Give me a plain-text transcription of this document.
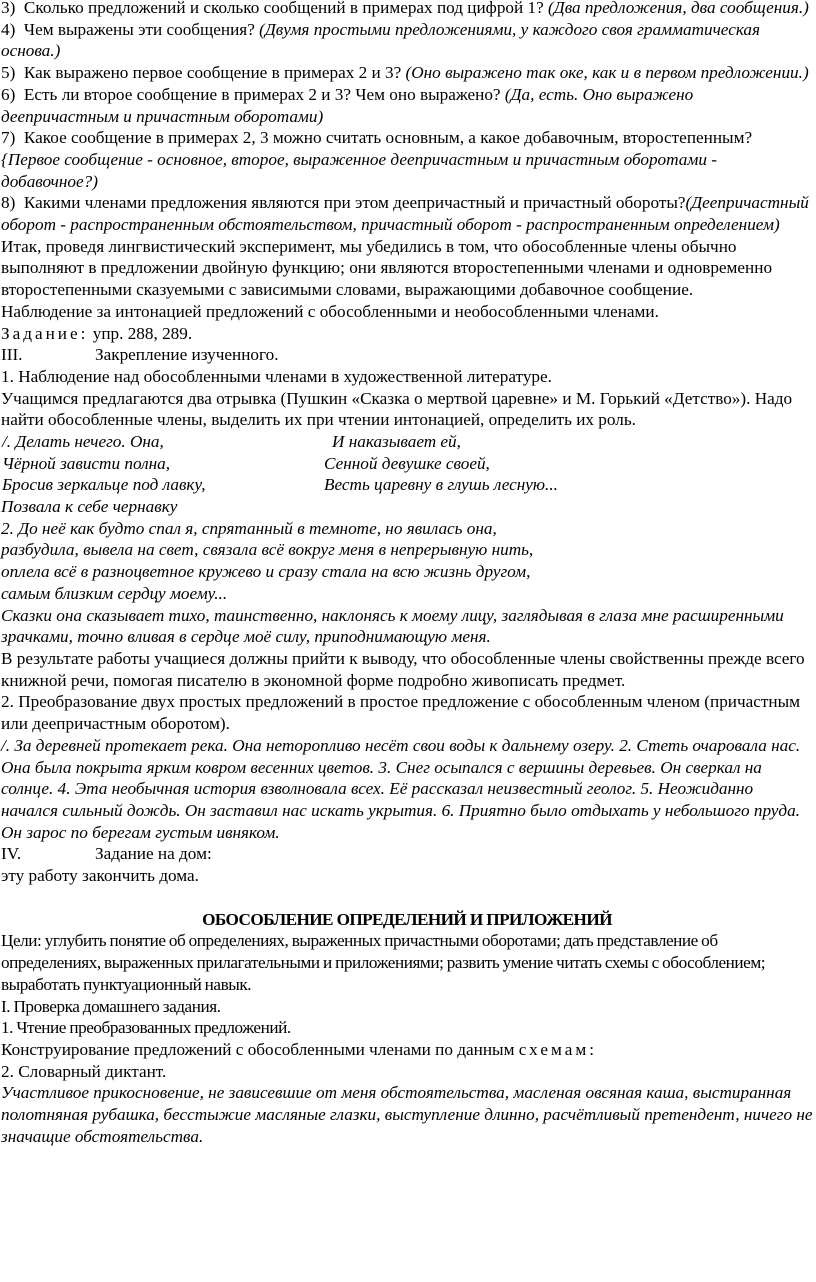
3) Сколько предложений и сколько сообщений в примерах под цифрой 1? (Два предложения, два сообщения.)

4) Чем выражены эти сообщения? (Двумя простыми предложениями, у каждого своя грамматическая основа.)

5) Как выражено первое сообщение в примерах 2 и 3? (Оно выражено так оке, как и в первом предложении.)

6) Есть ли второе сообщение в примерах 2 и 3? Чем оно выражено? (Да, есть. Оно выражено деепричастным и причастным оборотами)

7) Какое сообщение в примерах 2, 3 можно считать основным, а какое добавочным, второстепенным? {Первое сообщение - основное, второе, выраженное деепричастным и причастным оборотами - добавочное?)

8) Какими членами предложения являются при этом деепричастный и причастный обороты?(Деепричастный оборот - распространенным обстоятельством, причастный оборот - распространенным определением)

Итак, проведя лингвистический эксперимент, мы убедились в том, что обособленные члены обычно выполняют в предложении двойную функцию; они являются второстепенными членами и одновременно второстепенными сказуемыми с зависимыми словами, выражающими добавочное сообщение.

Наблюдение за интонацией предложений с обособленными и необособленными членами.

Задание: упр. 288, 289.

III.	Закрепление изученного.

1. Наблюдение над обособленными членами в художественной литературе.

Учащимся предлагаются два отрывка (Пушкин «Сказка о мертвой царевне» и М. Горький «Детство»). Надо найти обособленные члены, выделить их при чтении интонацией, определить их роль.

/. Делать нечего. Она,

Чёрной зависти полна,

Бросив зеркальце под лавку,

И наказывает ей,

Сенной девушке своей,

Весть царевну в глушь лесную...

Позвала к себе чернавку

2. До неё как будто спал я, спрятанный в темноте, но явилась она,

разбудила, вывела на свет, связала всё вокруг меня в непрерывную нить,

оплела всё в разноцветное кружево и сразу стала на всю жизнь другом,

самым близким сердцу моему...

Сказки она сказывает тихо, таинственно, наклонясь к моему лицу, заглядывая в глаза мне расширенными зрачками, точно вливая в сердце моё силу, приподнимающую меня.

В результате работы учащиеся должны прийти к выводу, что обособленные члены свойственны прежде всего книжной речи, помогая писателю в экономной форме подробно живописать предмет.

2. Преобразование двух простых предложений в простое предложение с обособленным членом (причастным или деепричастным оборотом).

/. За деревней протекает река. Она неторопливо несёт свои воды к дальнему озеру. 2. Стеть очаровала нас. Она была покрыта ярким ковром весенних цветов. 3. Снег осыпался с вершины деревьев. Он сверкал на солнце. 4. Эта необычная история взволновала всех. Её рассказал неизвестный геолог. 5. Неожиданно начался сильный дождь. Он заставил нас искать укрытия. 6. Приятно было отдыхать у небольшого пруда. Он зарос по берегам густым ивняком.

IV.	Задание на дом:

эту работу закончить дома.

ОБОСОБЛЕНИЕ ОПРЕДЕЛЕНИЙ И ПРИЛОЖЕНИЙ

Цели: углубить понятие об определениях, выраженных причастными оборотами; дать представление об определениях, выраженных прилагательными и приложениями; развить умение читать схемы с обособлением; выработать пунктуационный навык.

I. Проверка домашнего задания.

1. Чтение преобразованных предложений.

Конструирование предложений с обособленными членами по данным схемам:

2. Словарный диктант.

Участливое прикосновение, не зависевшие от меня обстоятельства, масленая овсяная каша, выстиранная полотняная рубашка, бесстыжие масляные глазки, выступление длинно, расчётливый претендент, ничего не значащие обстоятельства.
